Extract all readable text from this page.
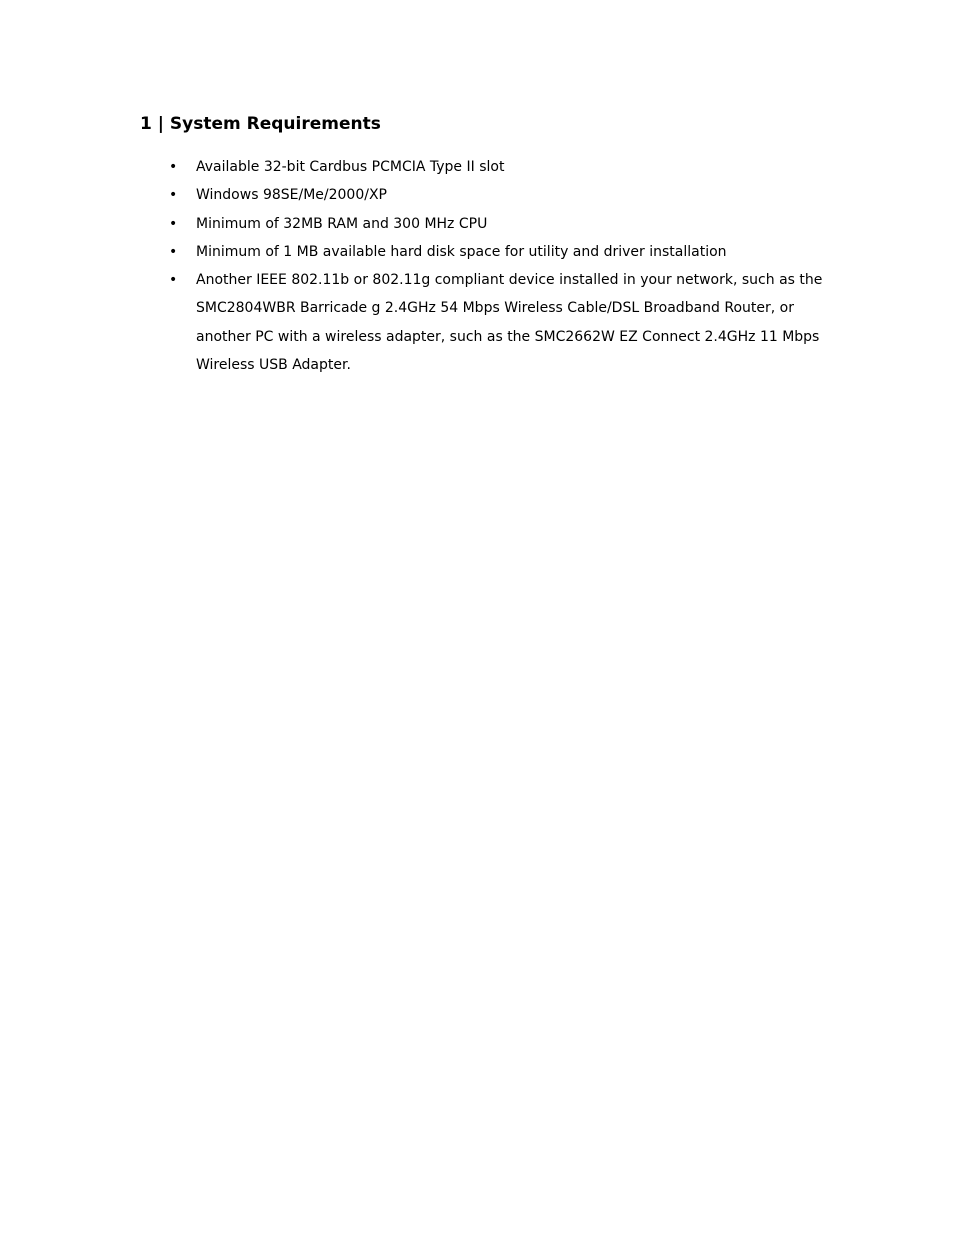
1 | System Requirements
• Available 32-bit Cardbus PCMCIA Type II slot
• Windows 98SE/Me/2000/XP
• Minimum of 32MB RAM and 300 MHz CPU
• Minimum of 1 MB available hard disk space for utility and driver installation
• Another IEEE 802.11b or 802.11g compliant device installed in your network, such as the
SMC2804WBR Barricade g 2.4GHz 54 Mbps Wireless Cable/DSL Broadband Router, or
another PC with a wireless adapter, such as the SMC2662W EZ Connect 2.4GHz 11 Mbps
Wireless USB Adapter.
